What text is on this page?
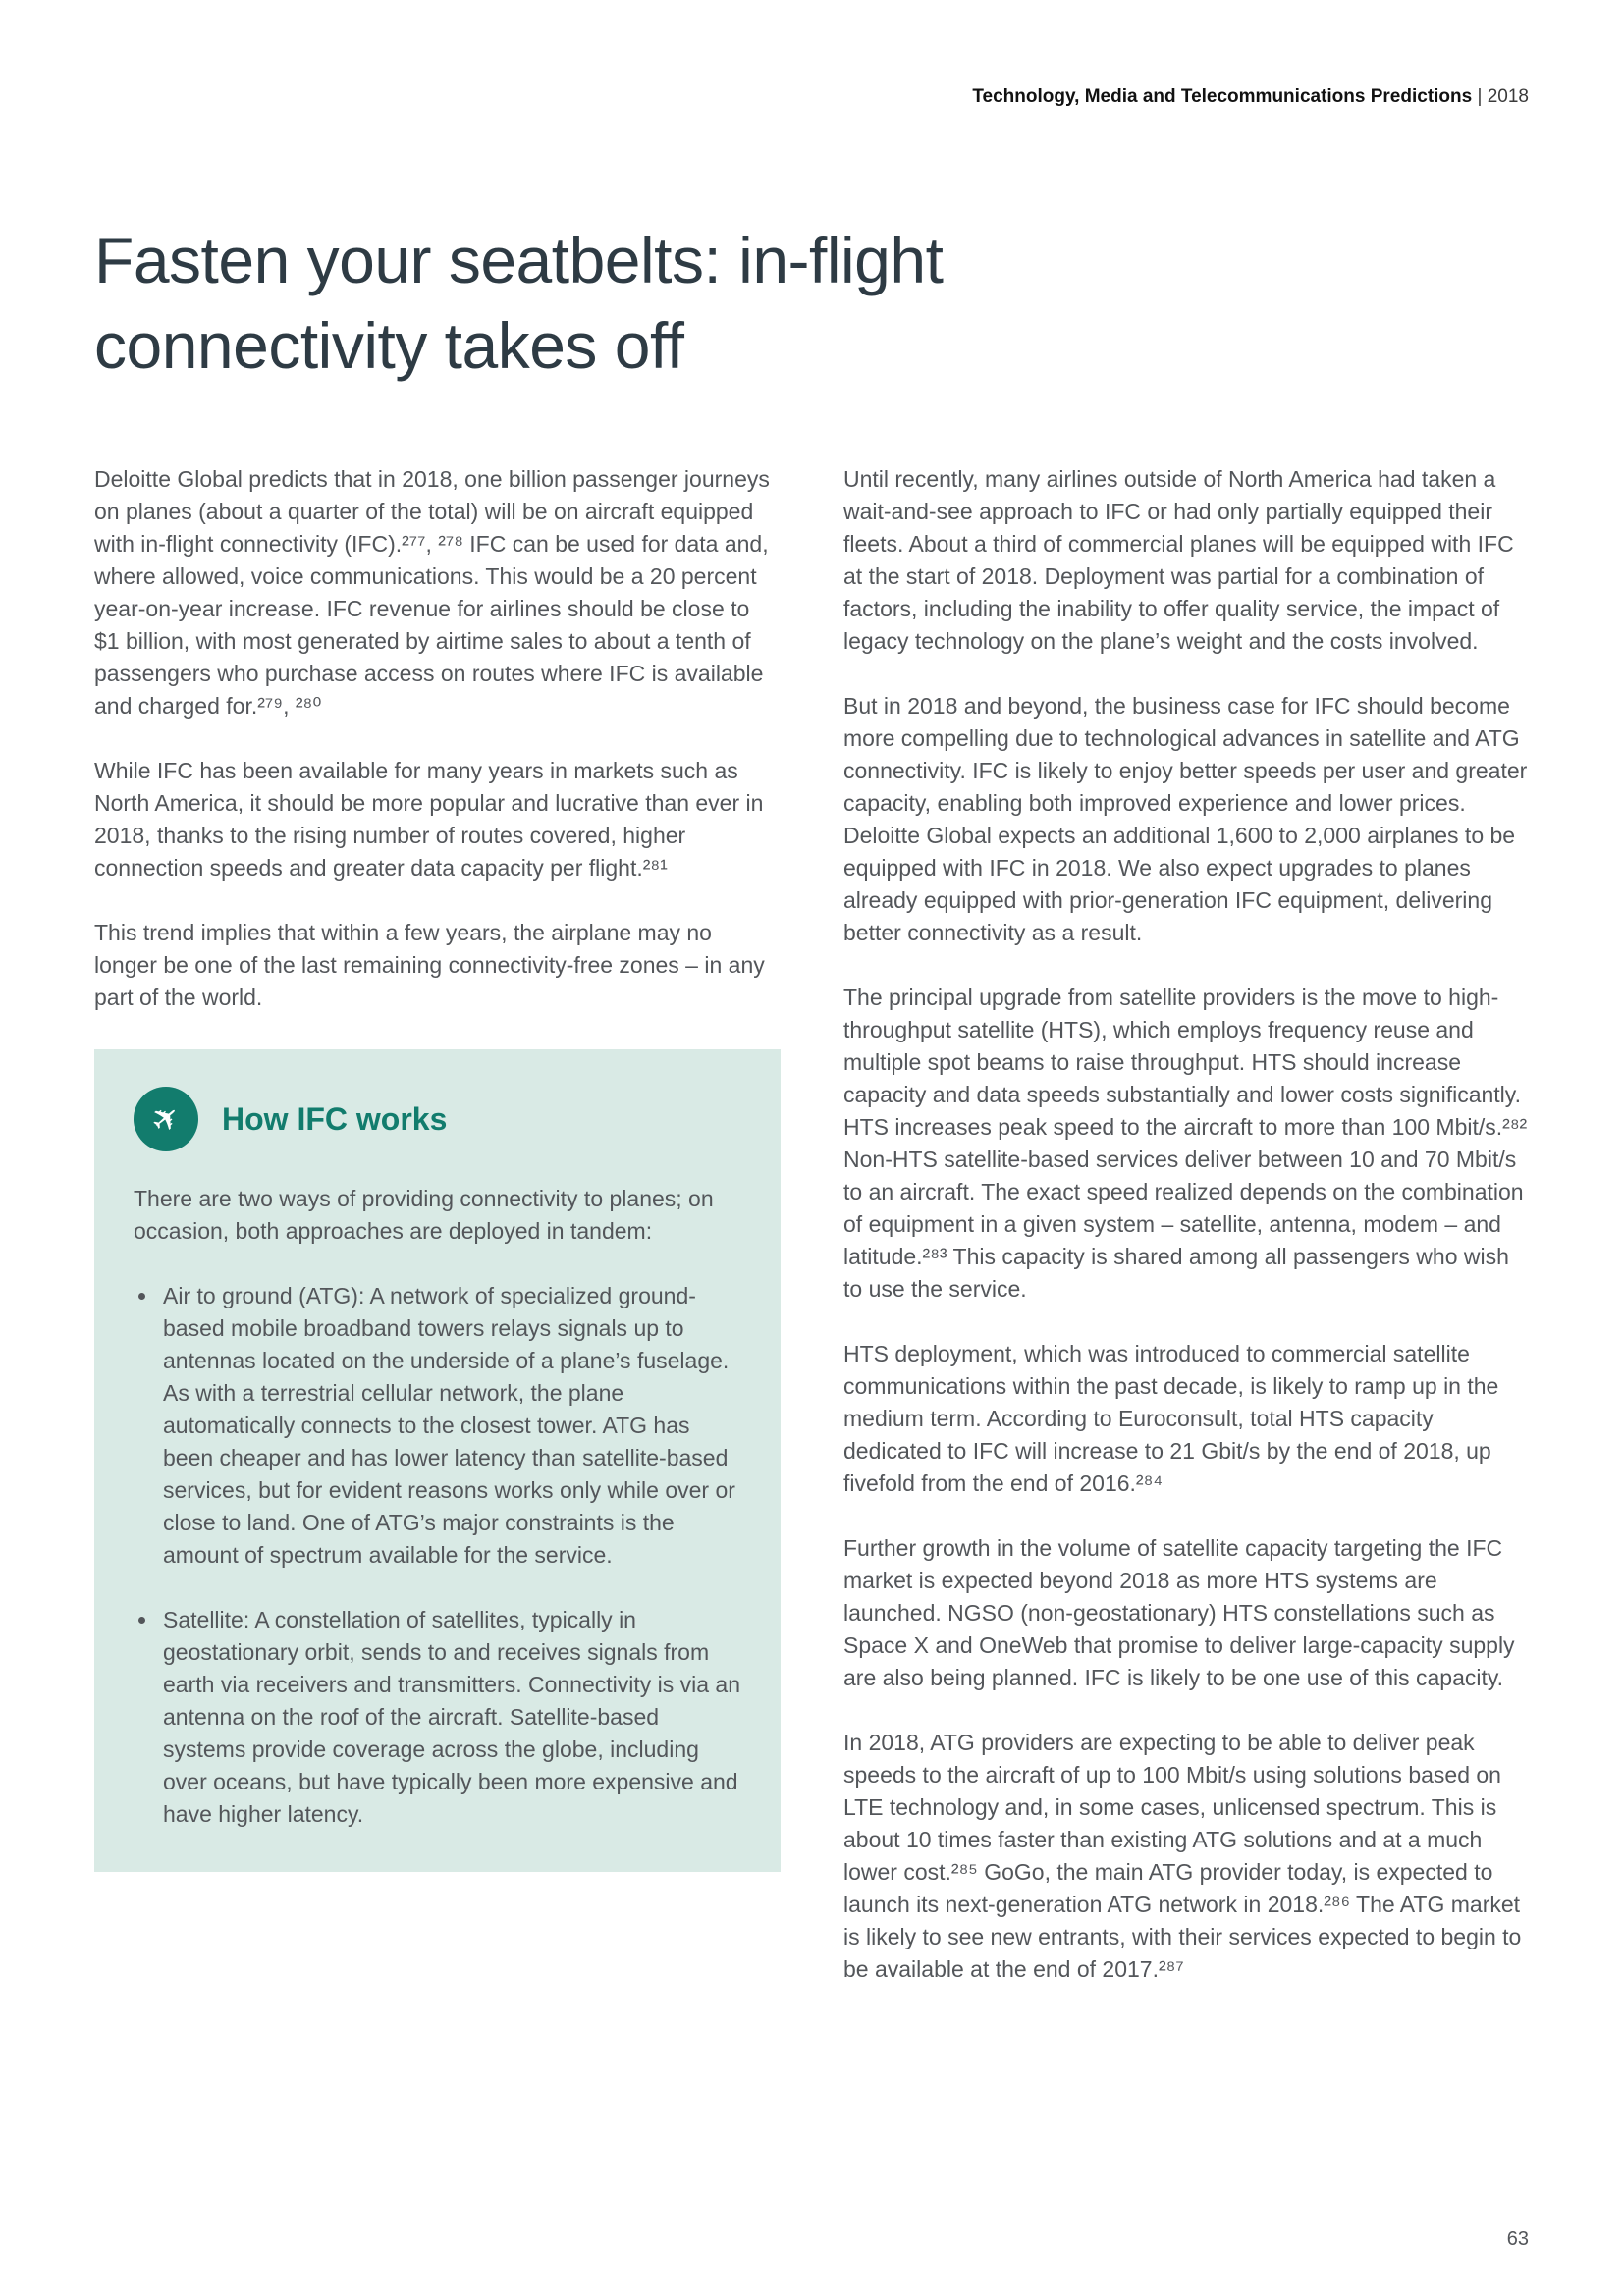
Technology, Media and Telecommunications Predictions | 2018
Fasten your seatbelts: in-flight
connectivity takes off

Deloitte Global predicts that in 2018, one billion passenger journeys on planes (about a quarter of the total) will be on aircraft equipped with in-flight connectivity (IFC).²⁷⁷, ²⁷⁸ IFC can be used for data and, where allowed, voice communications. This would be a 20 percent year-on-year increase. IFC revenue for airlines should be close to $1 billion, with most generated by airtime sales to about a tenth of passengers who purchase access on routes where IFC is available and charged for.²⁷⁹, ²⁸⁰

While IFC has been available for many years in markets such as North America, it should be more popular and lucrative than ever in 2018, thanks to the rising number of routes covered, higher connection speeds and greater data capacity per flight.²⁸¹

This trend implies that within a few years, the airplane may no longer be one of the last remaining connectivity-free zones – in any part of the world.

✈ How IFC works

There are two ways of providing connectivity to planes; on occasion, both approaches are deployed in tandem:

• Air to ground (ATG): A network of specialized ground-based mobile broadband towers relays signals up to antennas located on the underside of a plane’s fuselage. As with a terrestrial cellular network, the plane automatically connects to the closest tower. ATG has been cheaper and has lower latency than satellite-based services, but for evident reasons works only while over or close to land. One of ATG’s major constraints is the amount of spectrum available for the service.
• Satellite: A constellation of satellites, typically in geostationary orbit, sends to and receives signals from earth via receivers and transmitters. Connectivity is via an antenna on the roof of the aircraft. Satellite-based systems provide coverage across the globe, including over oceans, but have typically been more expensive and have higher latency.

Until recently, many airlines outside of North America had taken a wait-and-see approach to IFC or had only partially equipped their fleets. About a third of commercial planes will be equipped with IFC at the start of 2018. Deployment was partial for a combination of factors, including the inability to offer quality service, the impact of legacy technology on the plane’s weight and the costs involved.

But in 2018 and beyond, the business case for IFC should become more compelling due to technological advances in satellite and ATG connectivity. IFC is likely to enjoy better speeds per user and greater capacity, enabling both improved experience and lower prices. Deloitte Global expects an additional 1,600 to 2,000 airplanes to be equipped with IFC in 2018. We also expect upgrades to planes already equipped with prior-generation IFC equipment, delivering better connectivity as a result.

The principal upgrade from satellite providers is the move to high-throughput satellite (HTS), which employs frequency reuse and multiple spot beams to raise throughput. HTS should increase capacity and data speeds substantially and lower costs significantly. HTS increases peak speed to the aircraft to more than 100 Mbit/s.²⁸² Non-HTS satellite-based services deliver between 10 and 70 Mbit/s to an aircraft. The exact speed realized depends on the combination of equipment in a given system – satellite, antenna, modem – and latitude.²⁸³ This capacity is shared among all passengers who wish to use the service.

HTS deployment, which was introduced to commercial satellite communications within the past decade, is likely to ramp up in the medium term. According to Euroconsult, total HTS capacity dedicated to IFC will increase to 21 Gbit/s by the end of 2018, up fivefold from the end of 2016.²⁸⁴

Further growth in the volume of satellite capacity targeting the IFC market is expected beyond 2018 as more HTS systems are launched. NGSO (non-geostationary) HTS constellations such as Space X and OneWeb that promise to deliver large-capacity supply are also being planned. IFC is likely to be one use of this capacity.

In 2018, ATG providers are expecting to be able to deliver peak speeds to the aircraft of up to 100 Mbit/s using solutions based on LTE technology and, in some cases, unlicensed spectrum. This is about 10 times faster than existing ATG solutions and at a much lower cost.²⁸⁵ GoGo, the main ATG provider today, is expected to launch its next-generation ATG network in 2018.²⁸⁶ The ATG market is likely to see new entrants, with their services expected to begin to be available at the end of 2017.²⁸⁷

63
